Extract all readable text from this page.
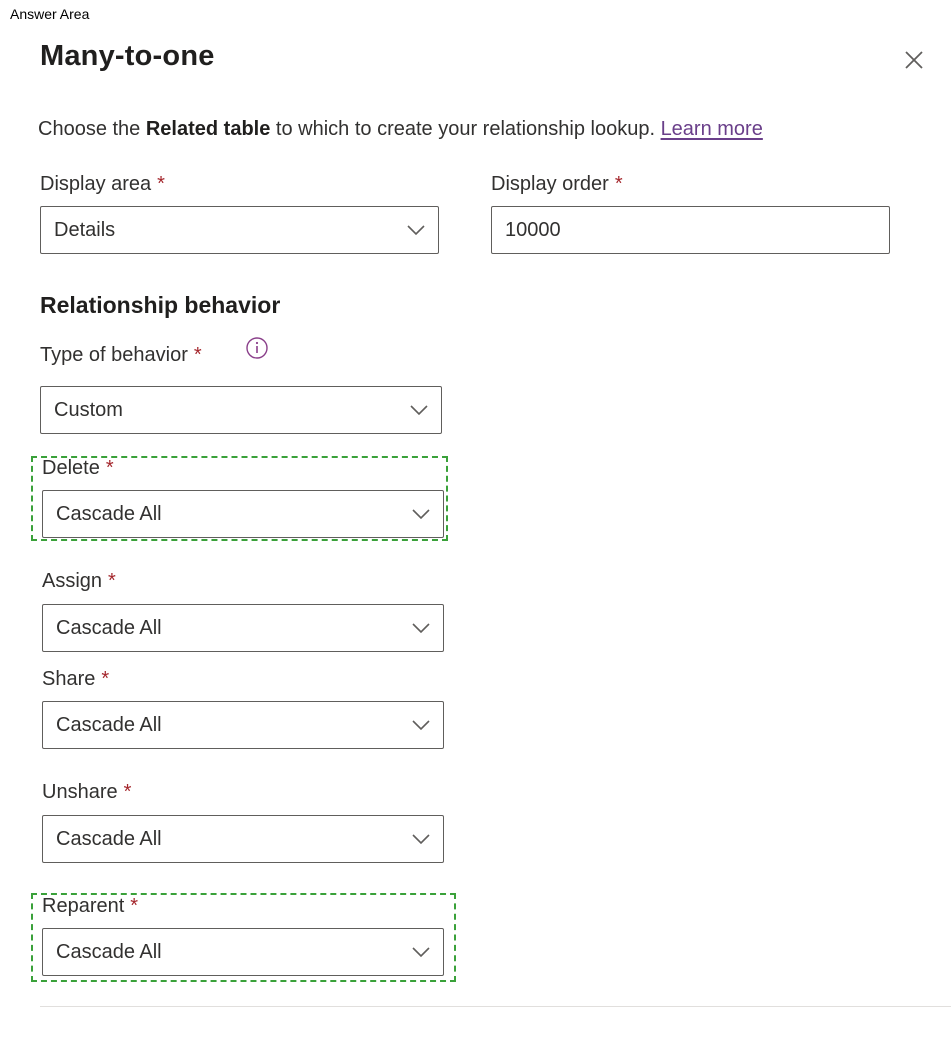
Answer Area
Many-to-one
Choose the Related table to which to create your relationship lookup. Learn more
Display area *
Details
Display order *
10000
Relationship behavior
Type of behavior *
Custom
Delete *
Cascade All
Assign *
Cascade All
Share *
Cascade All
Unshare *
Cascade All
Reparent *
Cascade All
